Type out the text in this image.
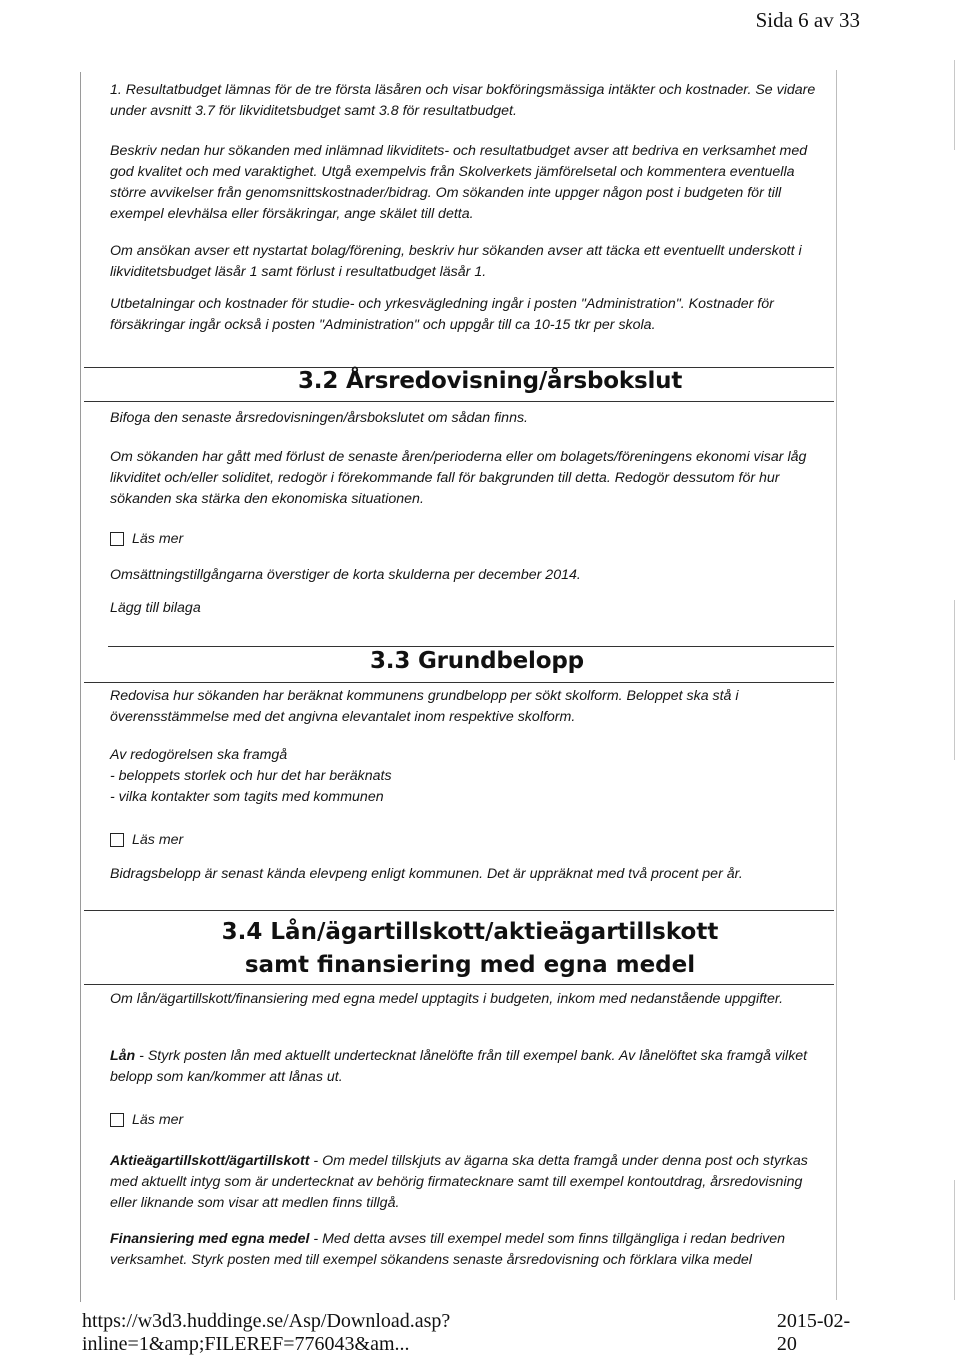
Sida 6 av 33

1. Resultatbudget lämnas för de tre första läsåren och visar bokföringsmässiga intäkter och kostnader. Se vidare under avsnitt 3.7 för likviditetsbudget samt 3.8 för resultatbudget.

Beskriv nedan hur sökanden med inlämnad likviditets- och resultatbudget avser att bedriva en verksamhet med god kvalitet och med varaktighet. Utgå exempelvis från Skolverkets jämförelsetal och kommentera eventuella större avvikelser från genomsnittskostnader/bidrag. Om sökanden inte uppger någon post i budgeten för till exempel elevhälsa eller försäkringar, ange skälet till detta.

Om ansökan avser ett nystartat bolag/förening, beskriv hur sökanden avser att täcka ett eventuellt underskott i likviditetsbudget läsår 1 samt förlust i resultatbudget läsår 1.

Utbetalningar och kostnader för studie- och yrkesvägledning ingår i posten "Administration". Kostnader för försäkringar ingår också i posten "Administration" och uppgår till ca 10-15 tkr per skola.

3.2 Årsredovisning/årsbokslut

Bifoga den senaste årsredovisningen/årsbokslutet om sådan finns.

Om sökanden har gått med förlust de senaste åren/perioderna eller om bolagets/föreningens ekonomi visar låg likviditet och/eller soliditet, redogör i förekommande fall för bakgrunden till detta. Redogör dessutom för hur sökanden ska stärka den ekonomiska situationen.

Läs mer

Omsättningstillgångarna överstiger de korta skulderna per december 2014.

Lägg till bilaga

3.3 Grundbelopp

Redovisa hur sökanden har beräknat kommunens grundbelopp per sökt skolform. Beloppet ska stå i överensstämmelse med det angivna elevantalet inom respektive skolform.

Av redogörelsen ska framgå

- beloppets storlek och hur det har beräknats

- vilka kontakter som tagits med kommunen

Läs mer

Bidragsbelopp är senast kända elevpeng enligt kommunen. Det är uppräknat med två procent per år.

3.4 Lån/ägartillskott/aktieägartillskott
samt finansiering med egna medel

Om lån/ägartillskott/finansiering med egna medel upptagits i budgeten, inkom med nedanstående uppgifter.

Lån - Styrk posten lån med aktuellt undertecknat lånelöfte från till exempel bank. Av lånelöftet ska framgå vilket belopp som kan/kommer att lånas ut.

Läs mer

Aktieägartillskott/ägartillskott - Om medel tillskjuts av ägarna ska detta framgå under denna post och styrkas med aktuellt intyg som är undertecknat av behörig firmatecknare samt till exempel kontoutdrag, årsredovisning eller liknande som visar att medlen finns tillgå.

Finansiering med egna medel - Med detta avses till exempel medel som finns tillgängliga i redan bedriven verksamhet. Styrk posten med till exempel sökandens senaste årsredovisning och förklara vilka medel

https://w3d3.huddinge.se/Asp/Download.asp?inline=1&amp;FILEREF=776043&am...
2015-02-20
